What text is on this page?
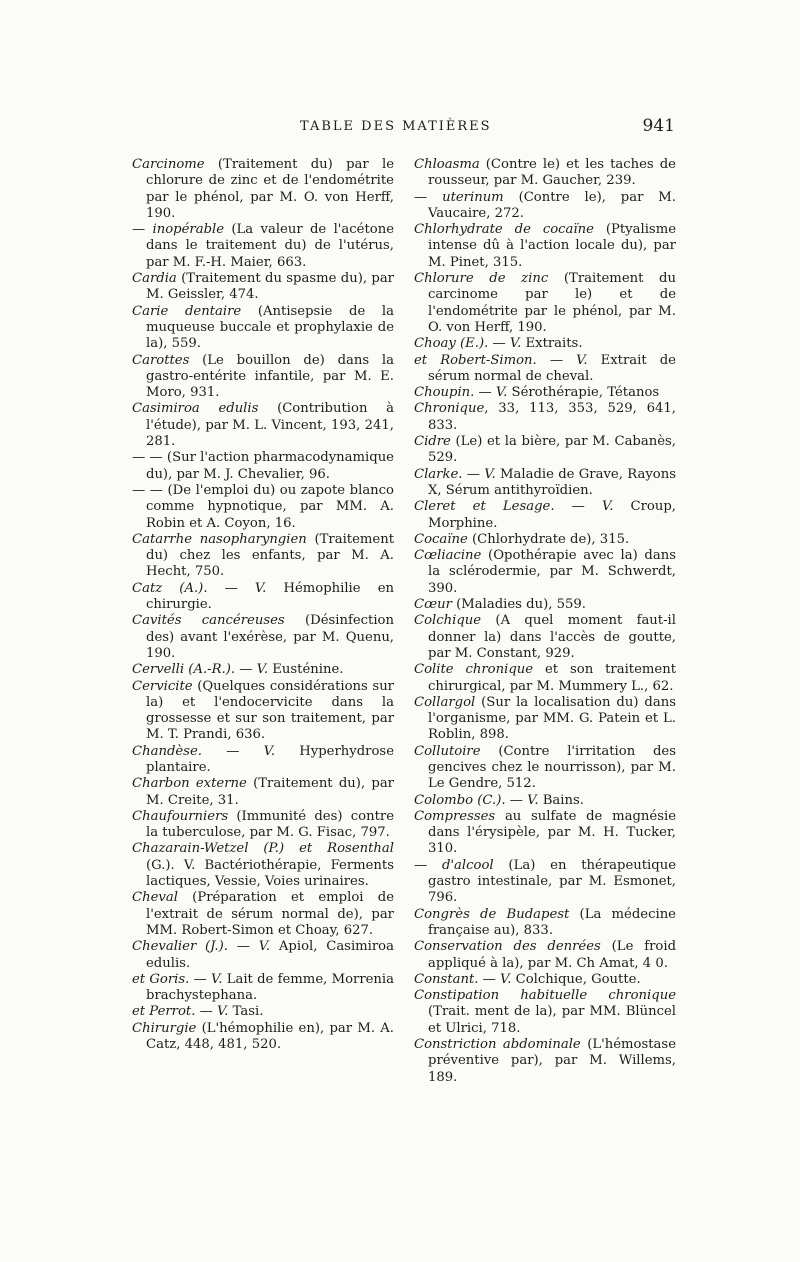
TABLE DES MATIÈRES	941

Carcinome (Traitement du) par le chlorure de zinc et de l'endométrite par le phénol, par M. O. von Herff, 190.

— inopérable (La valeur de l'acétone dans le traitement du) de l'utérus, par M. F.-H. Maier, 663.

Cardia (Traitement du spasme du), par M. Geissler, 474.

Carie dentaire (Antisepsie de la muqueuse buccale et prophylaxie de la), 559.

Carottes (Le bouillon de) dans la gastro-entérite infantile, par M. E. Moro, 931.

Casimiroa edulis (Contribution à l'étude), par M. L. Vincent, 193, 241, 281.

— — (Sur l'action pharmacodynamique du), par M. J. Chevalier, 96.

— — (De l'emploi du) ou zapote blanco comme hypnotique, par MM. A. Robin et A. Coyon, 16.

Catarrhe nasopharyngien (Traitement du) chez les enfants, par M. A. Hecht, 750.

Catz (A.). — V. Hémophilie en chirurgie.

Cavités cancéreuses (Désinfection des) avant l'exérèse, par M. Quenu, 190.

Cervelli (A.-R.). — V. Eusténine.

Cervicite (Quelques considérations sur la) et l'endocervicite dans la grossesse et sur son traitement, par M. T. Prandi, 636.

Chandèse. — V. Hyperhydrose plantaire.

Charbon externe (Traitement du), par M. Creite, 31.

Chaufourniers (Immunité des) contre la tuberculose, par M. G. Fisac, 797.

Chazarain-Wetzel (P.) et Rosenthal (G.). V. Bactériothérapie, Ferments lactiques, Vessie, Voies urinaires.

Cheval (Préparation et emploi de l'extrait de sérum normal de), par MM. Robert-Simon et Choay, 627.

Chevalier (J.). — V. Apiol, Casimiroa edulis.

et Goris. — V. Lait de femme, Morrenia brachystephana.

et Perrot. — V. Tasi.

Chirurgie (L'hémophilie en), par M. A. Catz, 448, 481, 520.

Chloasma (Contre le) et les taches de rousseur, par M. Gaucher, 239.

— uterinum (Contre le), par M. Vaucaire, 272.

Chlorhydrate de cocaïne (Ptyalisme intense dû à l'action locale du), par M. Pinet, 315.

Chlorure de zinc (Traitement du carcinome par le) et de l'endométrite par le phénol, par M. O. von Herff, 190.

Choay (E.). — V. Extraits.

et Robert-Simon. — V. Extrait de sérum normal de cheval.

Choupin. — V. Sérothérapie, Tétanos

Chronique, 33, 113, 353, 529, 641, 833.

Cidre (Le) et la bière, par M. Cabanès, 529.

Clarke. — V. Maladie de Grave, Rayons X, Sérum antithyroïdien.

Cleret et Lesage. — V. Croup, Morphine.

Cocaïne (Chlorhydrate de), 315.

Cœliacine (Opothérapie avec la) dans la sclérodermie, par M. Schwerdt, 390.

Cœur (Maladies du), 559.

Colchique (A quel moment faut-il donner la) dans l'accès de goutte, par M. Constant, 929.

Colite chronique et son traitement chirurgical, par M. Mummery L., 62.

Collargol (Sur la localisation du) dans l'organisme, par MM. G. Patein et L. Roblin, 898.

Collutoire (Contre l'irritation des gencives chez le nourrisson), par M. Le Gendre, 512.

Colombo (C.). — V. Bains.

Compresses au sulfate de magnésie dans l'érysipèle, par M. H. Tucker, 310.

— d'alcool (La) en thérapeutique gastro intestinale, par M. Esmonet, 796.

Congrès de Budapest (La médecine française au), 833.

Conservation des denrées (Le froid appliqué à la), par M. Ch Amat, 4 0.

Constant. — V. Colchique, Goutte.

Constipation habituelle chronique (Trait. ment de la), par MM. Blüncel et Ulrici, 718.

Constriction abdominale (L'hémostase préventive par), par M. Willems, 189.
